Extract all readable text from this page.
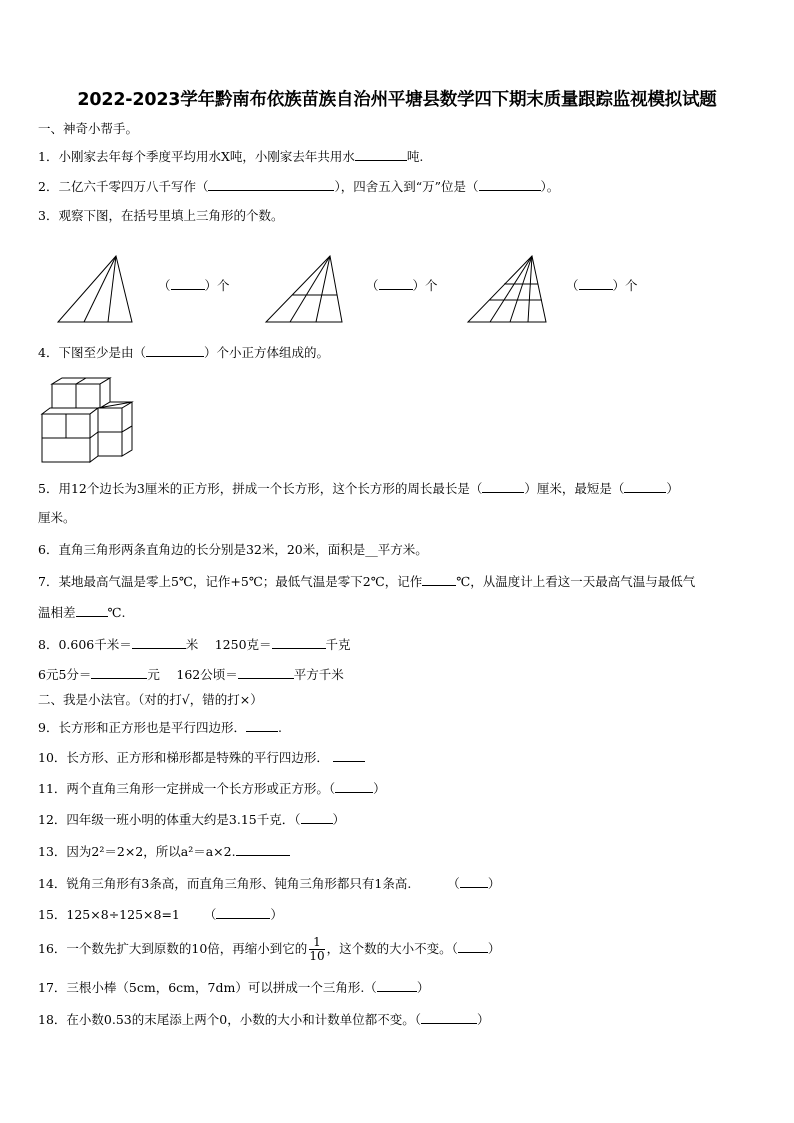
2022-2023学年黔南布依族苗族自治州平塘县数学四下期末质量跟踪监视模拟试题
一、神奇小帮手。
1．小刚家去年每个季度平均用水X吨，小刚家去年共用水	吨.
2．二亿六千零四万八千写作（	），四舍五入到“万”位是（	）。
3．观察下图，在括号里填上三角形的个数。
（	）个	（	）个	（	）个
4．下图至少是由（	）个小正方体组成的。
5．用12个边长为3厘米的正方形，拼成一个长方形，这个长方形的周长最长是（	）厘米，最短是（	）
厘米。
6．直角三角形两条直角边的长分别是32米，20米，面积是__平方米。
7．某地最高气温是零上5℃，记作+5℃；最低气温是零下2℃，记作	℃，从温度计上看这一天最高气温与最低气
温相差	℃.
8．0.606千米＝	米　 1250克＝	千克
6元5分＝	元　 162公顷＝	平方千米
二、我是小法官。（对的打√，错的打×）
9．长方形和正方形也是平行四边形．	.
10．长方形、正方形和梯形都是特殊的平行四边形．
11．两个直角三角形一定拼成一个长方形或正方形。（	）
12．四年级一班小明的体重大约是3.15千克．（	）
13．因为2²＝2×2，所以a²＝a×2.
14．锐角三角形有3条高，而直角三角形、钝角三角形都只有1条高.	（ ）
15．125×8÷125×8=1 （	）
16．一个数先扩大到原数的10倍，再缩小到它的 $\frac{1}{10}$ ，这个数的大小不变。（ ）
17．三根小棒（5cm，6cm，7dm）可以拼成一个三角形.（	）
18．在小数0.53的末尾添上两个0，小数的大小和计数单位都不变。（	）
